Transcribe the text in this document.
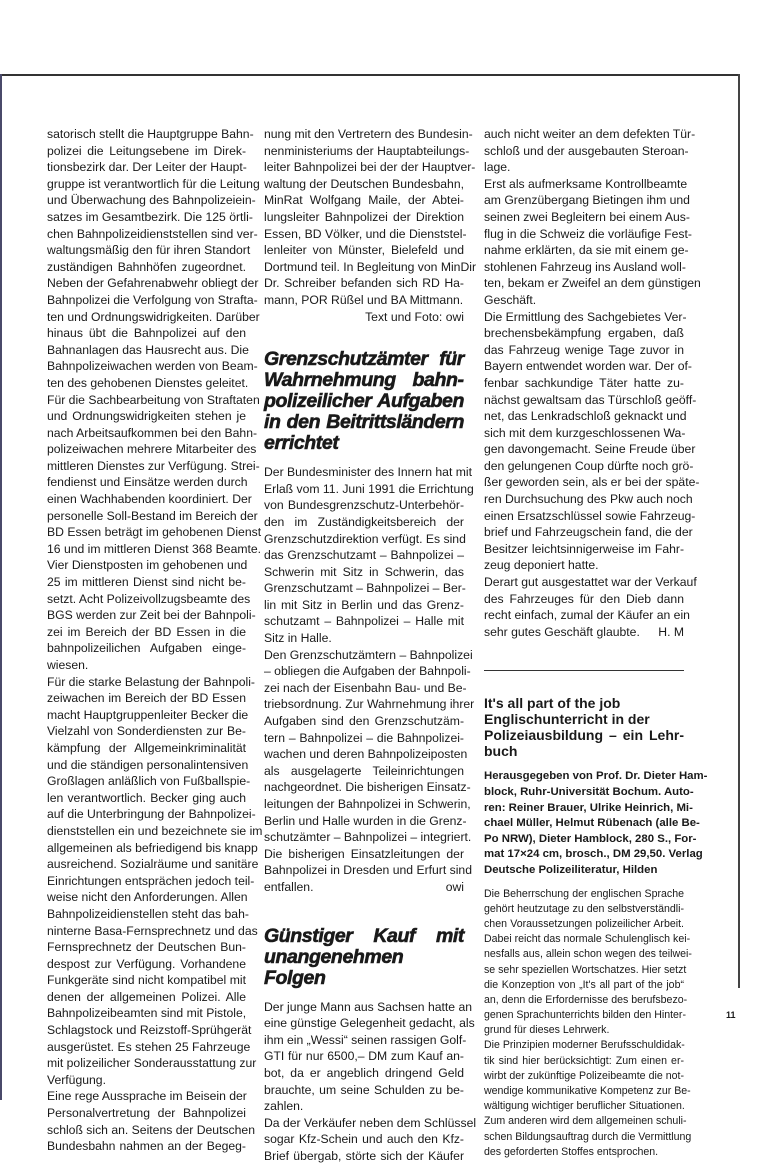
satorisch stellt die Hauptgruppe Bahn-
polizei die Leitungsebene im Direk-
tionsbezirk dar. Der Leiter der Haupt-
gruppe ist verantwortlich für die Leitung
und Überwachung des Bahnpolizeiein-
satzes im Gesamtbezirk. Die 125 örtli-
chen Bahnpolizeidienststellen sind ver-
waltungsmäßig den für ihren Standort
zuständigen Bahnhöfen zugeordnet.
Neben der Gefahrenabwehr obliegt der
Bahnpolizei die Verfolgung von Strafta-
ten und Ordnungswidrigkeiten. Darüber
hinaus übt die Bahnpolizei auf den
Bahnanlagen das Hausrecht aus. Die
Bahnpolizeiwachen werden von Beam-
ten des gehobenen Dienstes geleitet.
Für die Sachbearbeitung von Straftaten
und Ordnungswidrigkeiten stehen je
nach Arbeitsaufkommen bei den Bahn-
polizeiwachen mehrere Mitarbeiter des
mittleren Dienstes zur Verfügung. Strei-
fendienst und Einsätze werden durch
einen Wachhabenden koordiniert. Der
personelle Soll-Bestand im Bereich der
BD Essen beträgt im gehobenen Dienst
16 und im mittleren Dienst 368 Beamte.
Vier Dienstposten im gehobenen und
25 im mittleren Dienst sind nicht be-
setzt. Acht Polizeivollzugsbeamte des
BGS werden zur Zeit bei der Bahnpoli-
zei im Bereich der BD Essen in die
bahnpolizeilichen Aufgaben einge-
wiesen.
Für die starke Belastung der Bahnpoli-
zeiwachen im Bereich der BD Essen
macht Hauptgruppenleiter Becker die
Vielzahl von Sonderdiensten zur Be-
kämpfung der Allgemeinkriminalität
und die ständigen personalintensiven
Großlagen anläßlich von Fußballspie-
len verantwortlich. Becker ging auch
auf die Unterbringung der Bahnpolizei-
dienststellen ein und bezeichnete sie im
allgemeinen als befriedigend bis knapp
ausreichend. Sozialräume und sanitäre
Einrichtungen entsprächen jedoch teil-
weise nicht den Anforderungen. Allen
Bahnpolizeidienstellen steht das bah-
ninterne Basa-Fernsprechnetz und das
Fernsprechnetz der Deutschen Bun-
despost zur Verfügung. Vorhandene
Funkgeräte sind nicht kompatibel mit
denen der allgemeinen Polizei. Alle
Bahnpolizeibeamten sind mit Pistole,
Schlagstock und Reizstoff-Sprühgerät
ausgerüstet. Es stehen 25 Fahrzeuge
mit polizeilicher Sonderausstattung zur
Verfügung.
Eine rege Aussprache im Beisein der
Personalvertretung der Bahnpolizei
schloß sich an. Seitens der Deutschen
Bundesbahn nahmen an der Begeg-
nung mit den Vertretern des Bundesin-
nenministeriums der Hauptabteilungs-
leiter Bahnpolizei bei der der Hauptver-
waltung der Deutschen Bundesbahn,
MinRat Wolfgang Maile, der Abtei-
lungsleiter Bahnpolizei der Direktion
Essen, BD Völker, und die Dienststel-
lenleiter von Münster, Bielefeld und
Dortmund teil. In Begleitung von MinDir
Dr. Schreiber befanden sich RD Ha-
mann, POR Rüßel und BA Mittmann.
Text und Foto: owi
Grenzschutzämter für Wahrnehmung bahnpolizeilicher Aufgaben in den Beitrittsländern errichtet
Der Bundesminister des Innern hat mit
Erlaß vom 11. Juni 1991 die Errichtung
von Bundesgrenzschutz-Unterbehör-
den im Zuständigkeitsbereich der
Grenzschutzdirektion verfügt. Es sind
das Grenzschutzamt – Bahnpolizei –
Schwerin mit Sitz in Schwerin, das
Grenzschutzamt – Bahnpolizei – Ber-
lin mit Sitz in Berlin und das Grenz-
schutzamt – Bahnpolizei – Halle mit
Sitz in Halle.
Den Grenzschutzämtern – Bahnpolizei
– obliegen die Aufgaben der Bahnpoli-
zei nach der Eisenbahn Bau- und Be-
triebsordnung. Zur Wahrnehmung ihrer
Aufgaben sind den Grenzschutzäm-
tern – Bahnpolizei – die Bahnpolizei-
wachen und deren Bahnpolizeiposten
als ausgelagerte Teileinrichtungen
nachgeordnet. Die bisherigen Einsatz-
leitungen der Bahnpolizei in Schwerin,
Berlin und Halle wurden in die Grenz-
schutzämter – Bahnpolizei – integriert.
Die bisherigen Einsatzleitungen der
Bahnpolizei in Dresden und Erfurt sind
entfallen.	owi
Günstiger Kauf mit unangenehmen Folgen
Der junge Mann aus Sachsen hatte an
eine günstige Gelegenheit gedacht, als
ihm ein „Wessi“ seinen rassigen Golf-
GTI für nur 6500,– DM zum Kauf an-
bot, da er angeblich dringend Geld
brauchte, um seine Schulden zu be-
zahlen.
Da der Verkäufer neben dem Schlüssel
sogar Kfz-Schein und auch den Kfz-
Brief übergab, störte sich der Käufer
auch nicht weiter an dem defekten Tür-
schloß und der ausgebauten Steroan-
lage.
Erst als aufmerksame Kontrollbeamte
am Grenzübergang Bietingen ihm und
seinen zwei Begleitern bei einem Aus-
flug in die Schweiz die vorläufige Fest-
nahme erklärten, da sie mit einem ge-
stohlenen Fahrzeug ins Ausland woll-
ten, bekam er Zweifel an dem günstigen
Geschäft.
Die Ermittlung des Sachgebietes Ver-
brechensbekämpfung ergaben, daß
das Fahrzeug wenige Tage zuvor in
Bayern entwendet worden war. Der of-
fenbar sachkundige Täter hatte zu-
nächst gewaltsam das Türschloß geöff-
net, das Lenkradschloß geknackt und
sich mit dem kurzgeschlossenen Wa-
gen davongemacht. Seine Freude über
den gelungenen Coup dürfte noch grö-
ßer geworden sein, als er bei der späte-
ren Durchsuchung des Pkw auch noch
einen Ersatzschlüssel sowie Fahrzeug-
brief und Fahrzeugschein fand, die der
Besitzer leichtsinnigerweise im Fahr-
zeug deponiert hatte.
Derart gut ausgestattet war der Verkauf
des Fahrzeuges für den Dieb dann
recht einfach, zumal der Käufer an ein
sehr gutes Geschäft glaubte. H. M
It's all part of the job
Englischunterricht in der
Polizeiausbildung – ein Lehr-
buch
Herausgegeben von Prof. Dr. Dieter Ham-
block, Ruhr-Universität Bochum. Auto-
ren: Reiner Brauer, Ulrike Heinrich, Mi-
chael Müller, Helmut Rübenach (alle Be-
Po NRW), Dieter Hamblock, 280 S., For-
mat 17×24 cm, brosch., DM 29,50. Verlag
Deutsche Polizeiliteratur, Hilden
Die Beherrschung der englischen Sprache
gehört heutzutage zu den selbstverständli-
chen Voraussetzungen polizeilicher Arbeit.
Dabei reicht das normale Schulenglisch kei-
nesfalls aus, allein schon wegen des teilwei-
se sehr speziellen Wortschatzes. Hier setzt
die Konzeption von „It's all part of the job“
an, denn die Erfordernisse des berufsbezo-
genen Sprachunterrichts bilden den Hinter-
grund für dieses Lehrwerk.
Die Prinzipien moderner Berufsschuldidak-
tik sind hier berücksichtigt: Zum einen er-
wirbt der zukünftige Polizeibeamte die not-
wendige kommunikative Kompetenz zur Be-
wältigung wichtiger beruflicher Situationen.
Zum anderen wird dem allgemeinen schuli-
schen Bildungsauftrag durch die Vermittlung
des geforderten Stoffes entsprochen.
11
